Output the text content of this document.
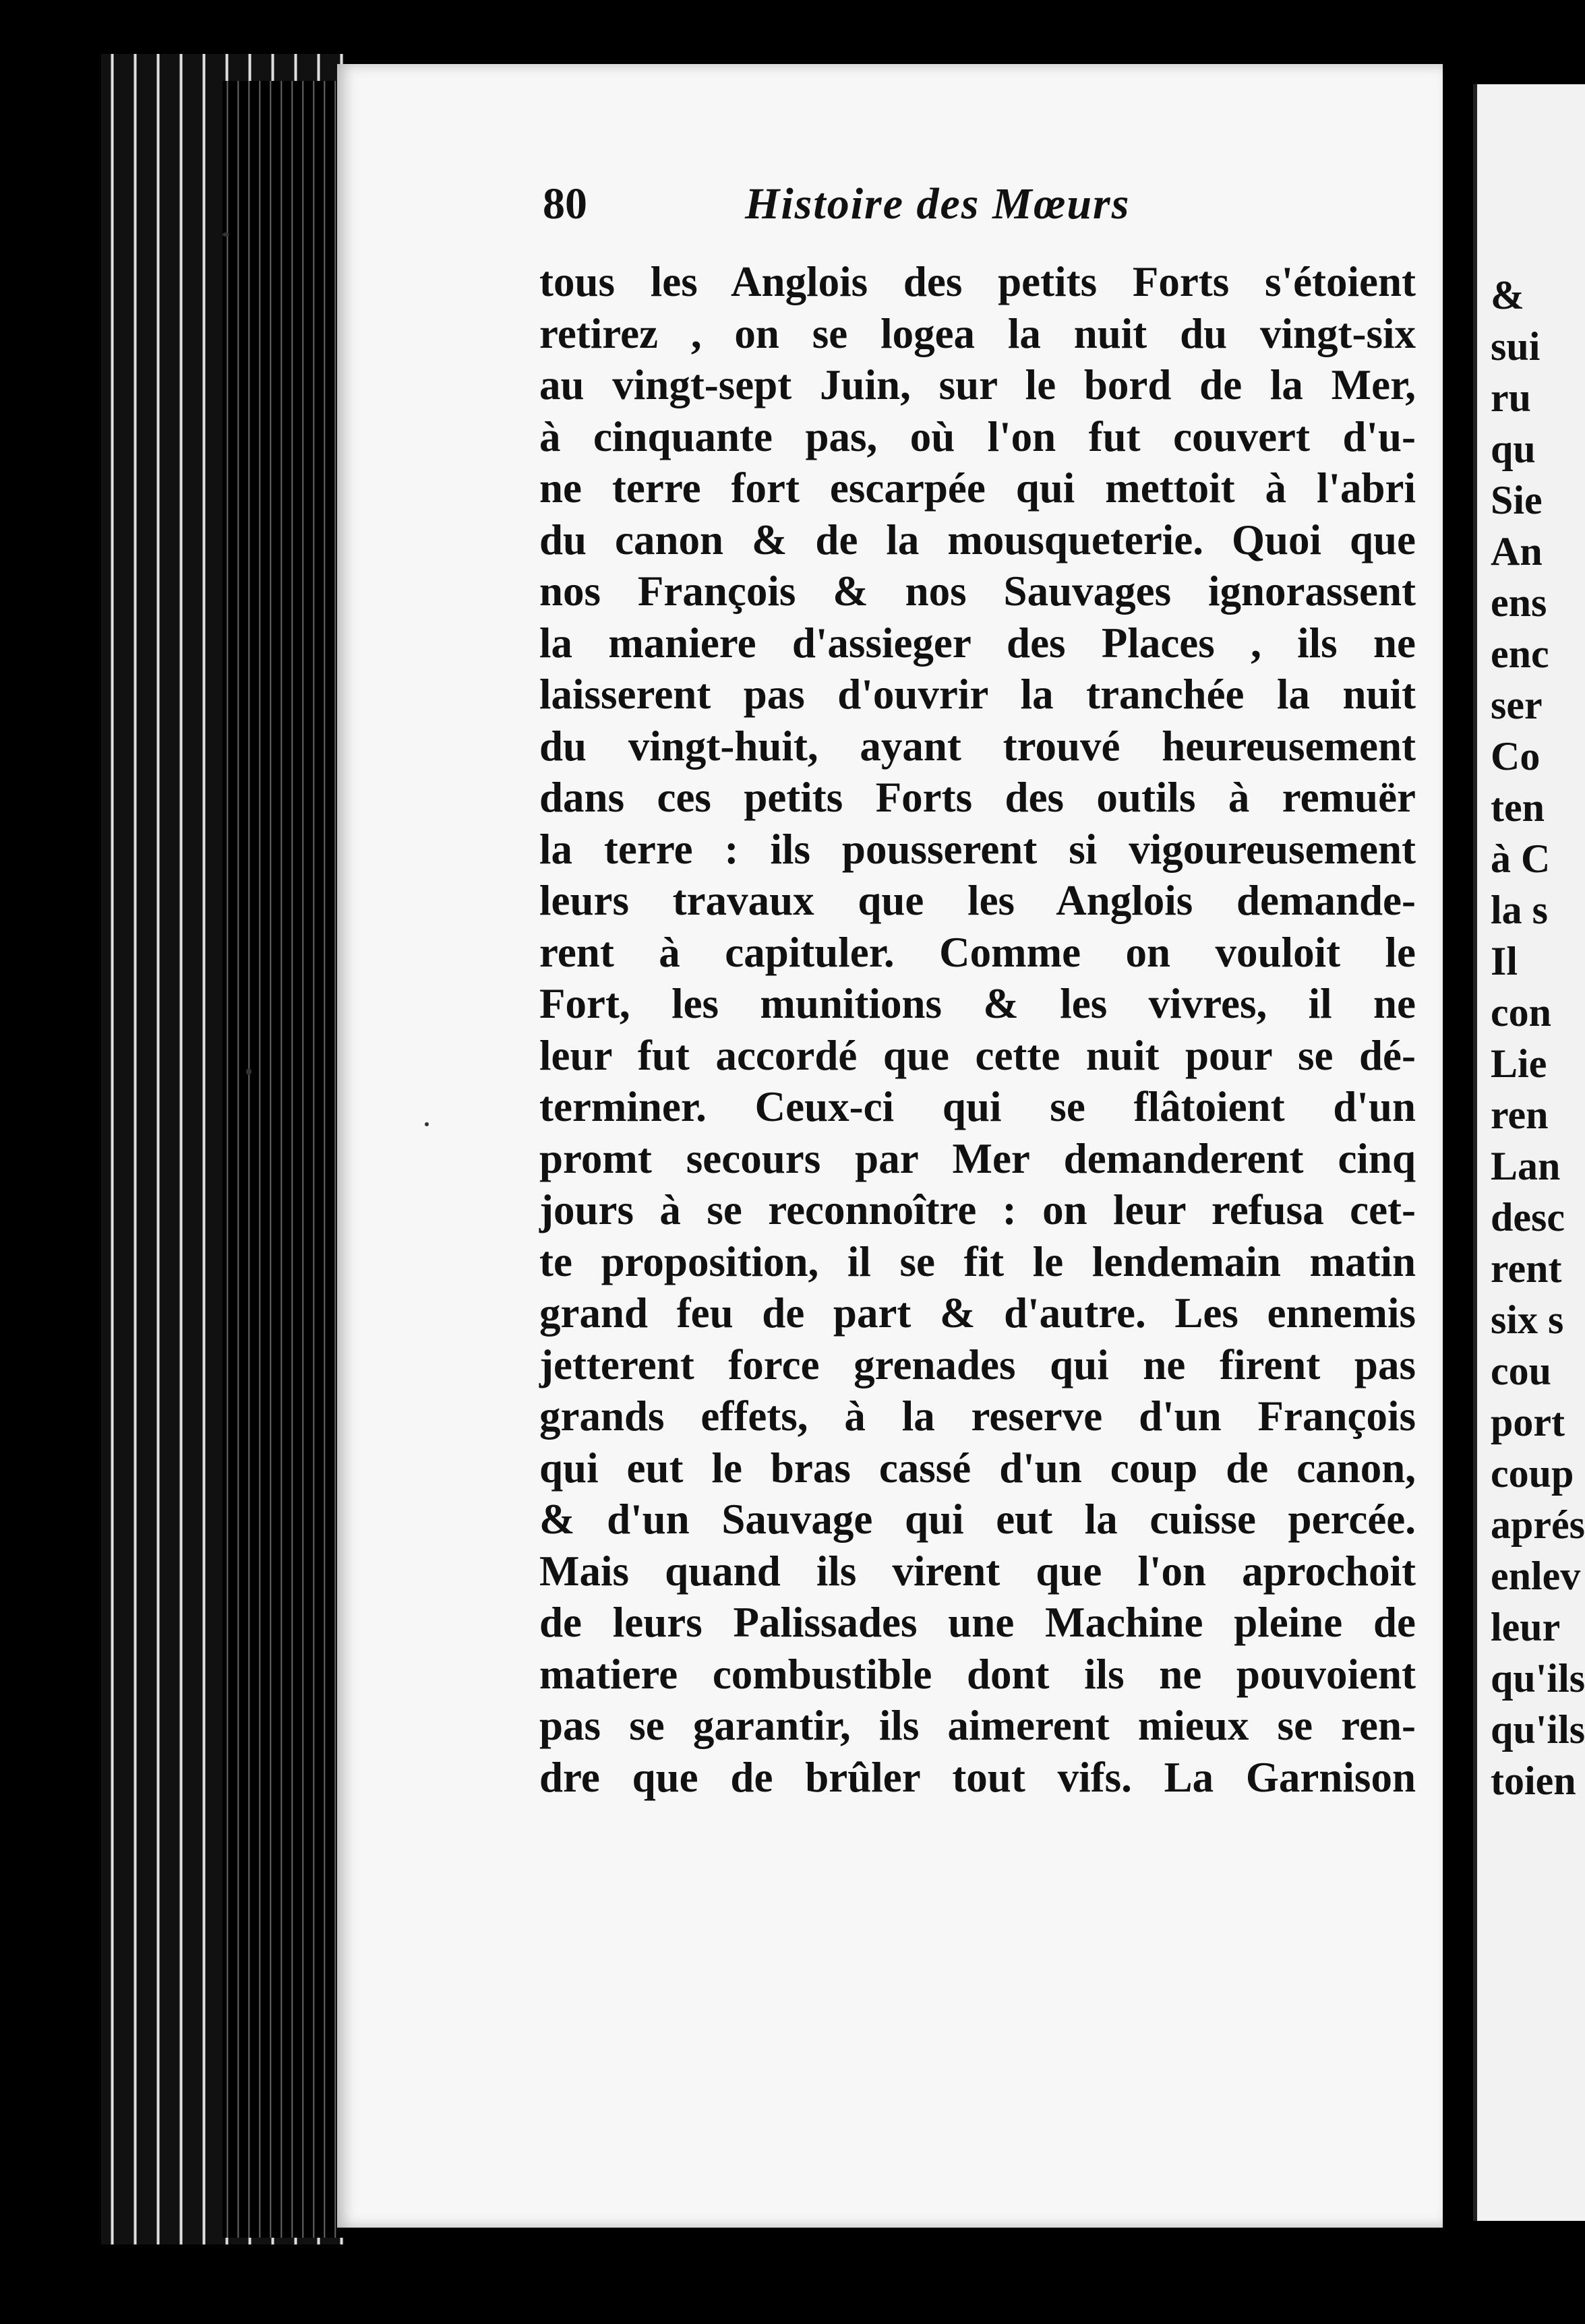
80	Histoire des Mœurs
tous les Anglois des petits Forts s'étoient
retirez , on se logea la nuit du vingt-six
au vingt-sept Juin, sur le bord de la Mer,
à cinquante pas, où l'on fut couvert d'u-
ne terre fort escarpée qui mettoit à l'abri
du canon & de la mousqueterie. Quoi que
nos François & nos Sauvages ignorassent
la maniere d'assieger des Places , ils ne
laisserent pas d'ouvrir la tranchée la nuit
du vingt-huit, ayant trouvé heureusement
dans ces petits Forts des outils à remuër
la terre : ils pousserent si vigoureusement
leurs travaux que les Anglois demande-
rent à capituler. Comme on vouloit le
Fort, les munitions & les vivres, il ne
leur fut accordé que cette nuit pour se dé-
terminer. Ceux-ci qui se flâtoient d'un
promt secours par Mer demanderent cinq
jours à se reconnoître : on leur refusa cet-
te proposition, il se fit le lendemain matin
grand feu de part & d'autre. Les ennemis
jetterent force grenades qui ne firent pas
grands effets, à la reserve d'un François
qui eut le bras cassé d'un coup de canon,
& d'un Sauvage qui eut la cuisse percée.
Mais quand ils virent que l'on aprochoit
de leurs Palissades une Machine pleine de
matiere combustible dont ils ne pouvoient
pas se garantir, ils aimerent mieux se ren-
dre que de brûler tout vifs. La Garnison
&
sui
ru
qu
Sie
An
ens
enc
ser
Co
ten
à C
la s
Il
con
Lie
ren
Lan
desc
rent
six s
cou
port
coup
aprés
enlev
leur
qu'ils
qu'ils
toien
